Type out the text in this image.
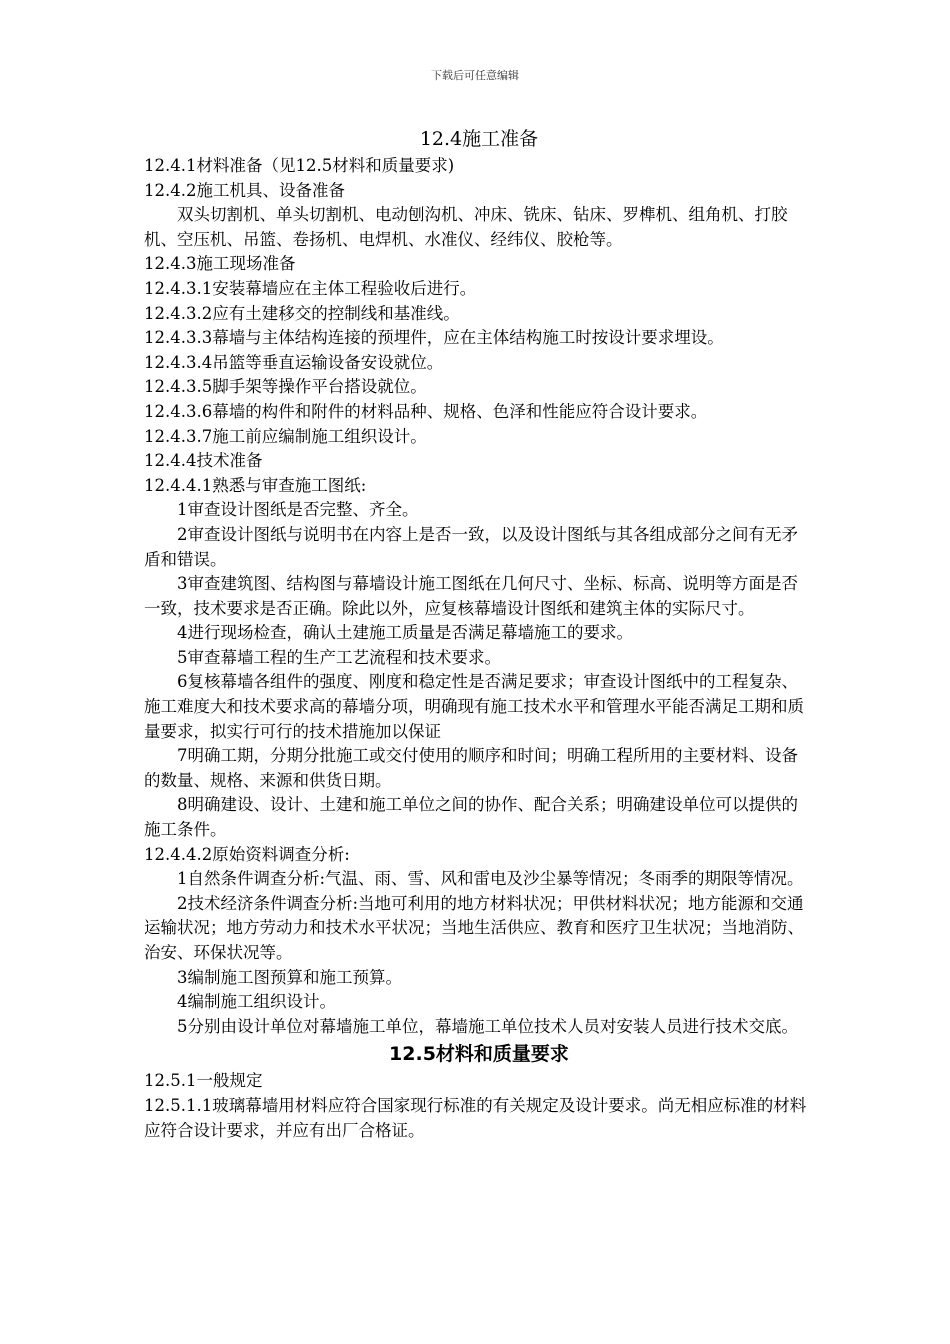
下载后可任意编辑
12.4施工准备

12.4.1材料准备（见12.5材料和质量要求)

12.4.2施工机具、设备准备

双头切割机、单头切割机、电动刨沟机、冲床、铣床、钻床、罗榫机、组角机、打胶机、空压机、吊篮、卷扬机、电焊机、水准仪、经纬仪、胶枪等。

12.4.3施工现场准备

12.4.3.1安装幕墙应在主体工程验收后进行。

12.4.3.2应有土建移交的控制线和基准线。

12.4.3.3幕墙与主体结构连接的预埋件，应在主体结构施工时按设计要求埋设。

12.4.3.4吊篮等垂直运输设备安设就位。

12.4.3.5脚手架等操作平台搭设就位。

12.4.3.6幕墙的构件和附件的材料品种、规格、色泽和性能应符合设计要求。

12.4.3.7施工前应编制施工组织设计。

12.4.4技术准备

12.4.4.1熟悉与审查施工图纸:

1审查设计图纸是否完整、齐全。

2审查设计图纸与说明书在内容上是否一致，以及设计图纸与其各组成部分之间有无矛盾和错误。

3审查建筑图、结构图与幕墙设计施工图纸在几何尺寸、坐标、标高、说明等方面是否一致，技术要求是否正确。除此以外，应复核幕墙设计图纸和建筑主体的实际尺寸。

4进行现场检查，确认土建施工质量是否满足幕墙施工的要求。

5审查幕墙工程的生产工艺流程和技术要求。

6复核幕墙各组件的强度、刚度和稳定性是否满足要求；审查设计图纸中的工程复杂、施工难度大和技术要求高的幕墙分项，明确现有施工技术水平和管理水平能否满足工期和质量要求，拟实行可行的技术措施加以保证

7明确工期，分期分批施工或交付使用的顺序和时间；明确工程所用的主要材料、设备的数量、规格、来源和供货日期。

8明确建设、设计、土建和施工单位之间的协作、配合关系；明确建设单位可以提供的施工条件。

12.4.4.2原始资料调查分析:

1自然条件调查分析:气温、雨、雪、风和雷电及沙尘暴等情况；冬雨季的期限等情况。

2技术经济条件调查分析:当地可利用的地方材料状况；甲供材料状况；地方能源和交通运输状况；地方劳动力和技术水平状况；当地生活供应、教育和医疗卫生状况；当地消防、治安、环保状况等。

3编制施工图预算和施工预算。

4编制施工组织设计。

5分别由设计单位对幕墙施工单位，幕墙施工单位技术人员对安装人员进行技术交底。

12.5材料和质量要求

12.5.1一般规定

12.5.1.1玻璃幕墙用材料应符合国家现行标准的有关规定及设计要求。尚无相应标准的材料应符合设计要求，并应有出厂合格证。
